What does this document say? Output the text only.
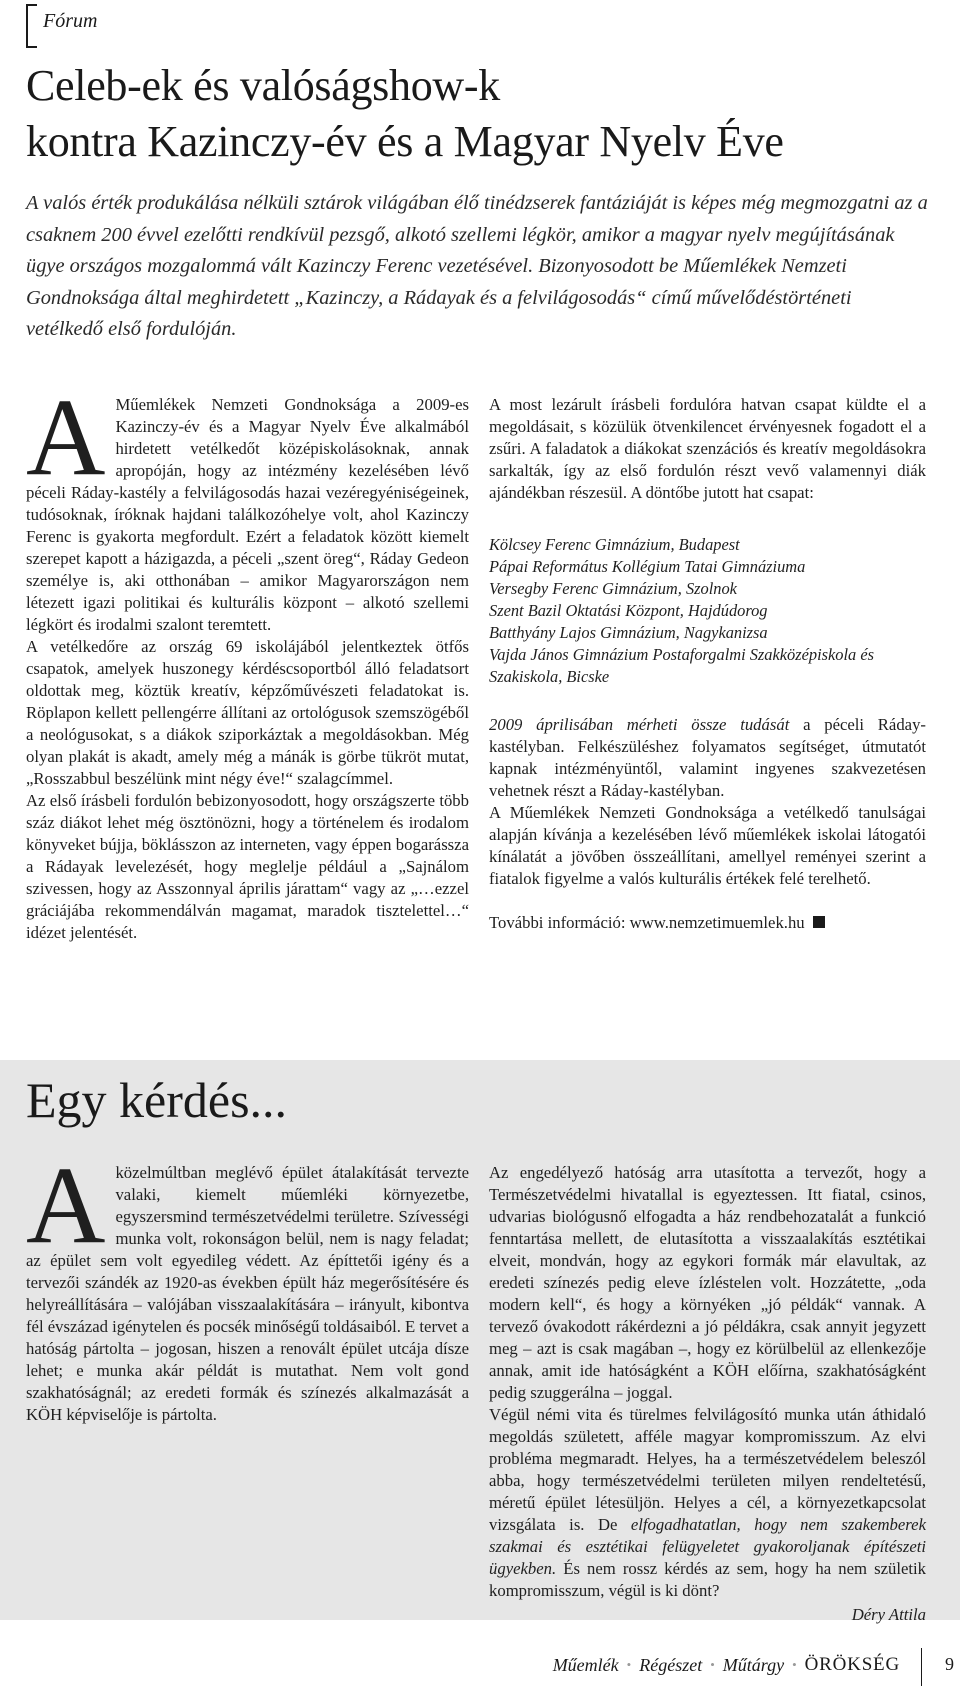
Fórum
Celeb-ek és valóságshow-k
kontra Kazinczy-év és a Magyar Nyelv Éve

A valós érték produkálása nélküli sztárok világában élő tinédzserek fantáziáját is képes még megmozgatni az a csaknem 200 évvel ezelőtti rendkívül pezsgő, alkotó szellemi légkör, amikor a magyar nyelv megújításának ügye országos mozgalommá vált Kazinczy Ferenc vezetésével. Bizonyosodott be Műemlékek Nemzeti Gondnoksága által meghirdetett „Kazinczy, a Rádayak és a felvilágosodás“ című művelődéstörténeti vetélkedő első fordulóján.

A Műemlékek Nemzeti Gondnoksága a 2009-es Kazinczy-év és a Magyar Nyelv Éve alkalmából hirdetett vetélkedőt középiskolásoknak, annak apropóján, hogy az intézmény kezelésében lévő péceli Ráday-kastély a felvilágosodás hazai vezéregyéniségeinek, tudósoknak, íróknak hajdani találkozóhelye volt, ahol Kazinczy Ferenc is gyakorta megfordult. Ezért a feladatok között kiemelt szerepet kapott a házigazda, a péceli „szent öreg“, Ráday Gedeon személye is, aki otthonában – amikor Magyarországon nem létezett igazi politikai és kulturális központ – alkotó szellemi légkört és irodalmi szalont teremtett.

A vetélkedőre az ország 69 iskolájából jelentkeztek ötfős csapatok, amelyek huszonegy kérdéscsoportból álló feladatsort oldottak meg, köztük kreatív, képzőművészeti feladatokat is. Röplapon kellett pellengérre állítani az ortológusok szemszögéből a neológusokat, s a diákok sziporkáztak a megoldásokban. Még olyan plakát is akadt, amely még a mánák is görbe tükröt mutat, „Rosszabbul beszélünk mint négy éve!“ szalagcímmel.

Az első írásbeli fordulón bebizonyosodott, hogy országszerte több száz diákot lehet még ösztönözni, hogy a történelem és irodalom könyveket bújja, böklásszon az interneten, vagy éppen bogarássza a Rádayak levelezését, hogy meglelje például a „Sajnálom szivessen, hogy az Asszonnyal április járattam“ vagy az „…ezzel gráciájába rekommendálván magamat, maradok tisztelettel…“ idézet jelentését.

A most lezárult írásbeli fordulóra hatvan csapat küldte el a megoldásait, s közülük ötvenkilencet érvényesnek fogadott el a zsűri. A faladatok a diákokat szenzációs és kreatív megoldásokra sarkalták, így az első fordulón részt vevő valamennyi diák ajándékban részesül. A döntőbe jutott hat csapat:

Kölcsey Ferenc Gimnázium, Budapest
Pápai Református Kollégium Tatai Gimnáziuma
Versegby Ferenc Gimnázium, Szolnok
Szent Bazil Oktatási Központ, Hajdúdorog
Batthyány Lajos Gimnázium, Nagykanizsa
Vajda János Gimnázium Postaforgalmi Szakközépiskola és Szakiskola, Bicske

2009 áprilisában mérheti össze tudását a péceli Ráday-kastélyban. Felkészüléshez folyamatos segítséget, útmutatót kapnak intézményüntől, valamint ingyenes szakvezetésen vehetnek részt a Ráday-kastélyban.

A Műemlékek Nemzeti Gondnoksága a vetélkedő tanulságai alapján kívánja a kezelésében lévő műemlékek iskolai látogatói kínálatát a jövőben összeállítani, amellyel reményei szerint a fiatalok figyelme a valós kulturális értékek felé terelhető.

További információ: www.nemzetimuemlek.hu

Egy kérdés...

Aközelmúltban meglévő épület átalakítását tervezte valaki, kiemelt műemléki környezetbe, egyszersmind természetvédelmi területre. Szívességi munka volt, rokonságon belül, nem is nagy feladat; az épület sem volt egyedileg védett. Az építtetői igény és a tervezői szándék az 1920-as években épült ház megerősítésére és helyreállítására – valójában visszaalakítására – irányult, kibontva fél évszázad igénytelen és pocsék minőségű toldásaiból. E tervet a hatóság pártolta – jogosan, hiszen a renovált épület utcája dísze lehet; e munka akár példát is mutathat. Nem volt gond szakhatóságnál; az eredeti formák és színezés alkalmazását a KÖH képviselője is pártolta.

Az engedélyező hatóság arra utasította a tervezőt, hogy a Természetvédelmi hivatallal is egyeztessen. Itt fiatal, csinos, udvarias biológusnő elfogadta a ház rendbehozatalát a funkció fenntartása mellett, de elutasította a visszaalakítás esztétikai elveit, mondván, hogy az egykori formák már elavultak, az eredeti színezés pedig eleve ízléstelen volt. Hozzátette, „oda modern kell“, és hogy a környéken „jó példák“ vannak. A tervező óvakodott rákérdezni a jó példákra, csak annyit jegyzett meg – azt is csak magában –, hogy ez körülbelül az ellenkezője annak, amit ide hatóságként a KÖH előírna, szakhatóságként pedig szuggerálna – joggal.

Végül némi vita és türelmes felvilágosító munka után áthidaló megoldás született, afféle magyar kompromisszum. Az elvi probléma megmaradt. Helyes, ha a természetvédelem beleszól abba, hogy természetvédelmi területen milyen rendeltetésű, méretű épület létesüljön. Helyes a cél, a környezetkapcsolat vizsgálata is. De elfogadhatatlan, hogy nem szakemberek szakmai és esztétikai felügyeletet gyakoroljanak építészeti ügyekben. És nem rossz kérdés az sem, hogy ha nem születik kompromisszum, végül is ki dönt?

Déry Attila
Műemlék • Régészet • Műtárgy • ÖRÖKSÉG	9
